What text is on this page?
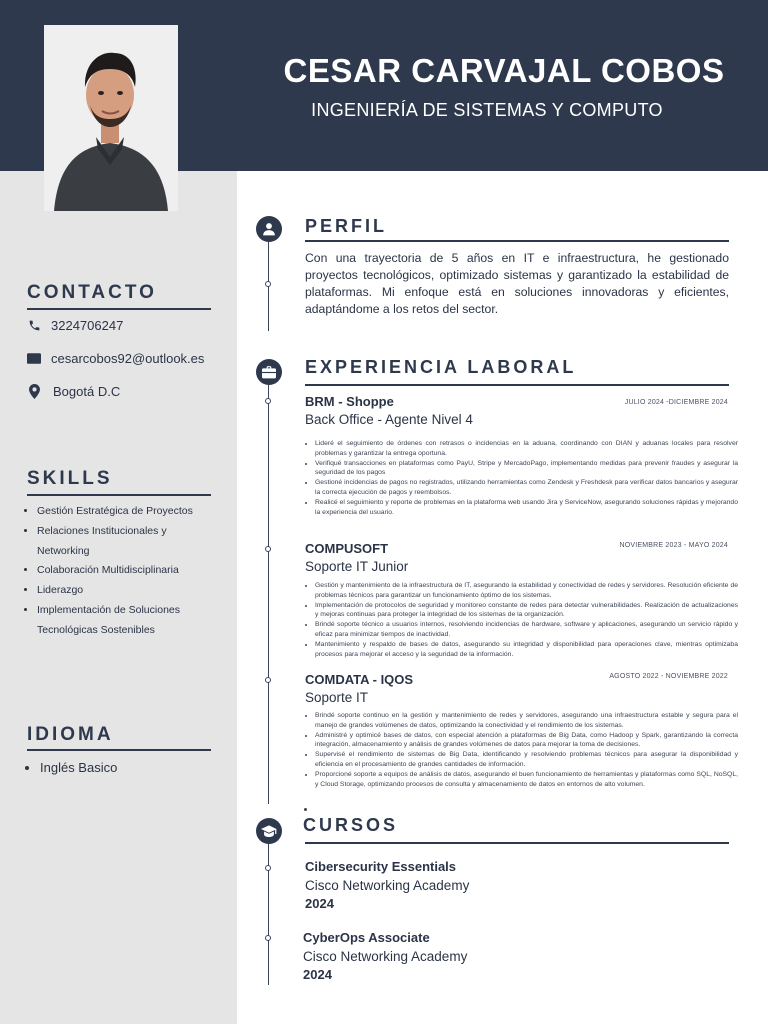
CESAR CARVAJAL COBOS
INGENIERÍA DE SISTEMAS Y COMPUTO
CONTACTO
3224706247
cesarcobos92@outlook.es
Bogotá D.C
SKILLS
• Gestión Estratégica de Proyectos
• Relaciones Institucionales y Networking
• Colaboración Multidisciplinaria
• Liderazgo
• Implementación de Soluciones Tecnológicas Sostenibles
IDIOMA
• Inglés Basico
PERFIL
Con una trayectoria de 5 años en IT e infraestructura, he gestionado proyectos tecnológicos, optimizado sistemas y garantizado la estabilidad de plataformas. Mi enfoque está en soluciones innovadoras y eficientes, adaptándome a los retos del sector.
EXPERIENCIA LABORAL
BRM - Shoppe	JULIO 2024 -DICIEMBRE 2024
Back Office - Agente Nivel 4
• Lideré el seguimiento de órdenes con retrasos o incidencias en la aduana, coordinando con DIAN y aduanas locales para resolver problemas y garantizar la entrega oportuna.
• Verifiqué transacciones en plataformas como PayU, Stripe y MercadoPago, implementando medidas para prevenir fraudes y asegurar la seguridad de los pagos
• Gestioné incidencias de pagos no registrados, utilizando herramientas como Zendesk y Freshdesk para verificar datos bancarios y asegurar la correcta ejecución de pagos y reembolsos.
• Realicé el seguimiento y reporte de problemas en la plataforma web usando Jira y ServiceNow, asegurando soluciones rápidas y mejorando la experiencia del usuario.
COMPUSOFT	NOVIEMBRE 2023 - MAYO 2024
Soporte IT Junior
• Gestión y mantenimiento de la infraestructura de IT, asegurando la estabilidad y conectividad de redes y servidores. Resolución eficiente de problemas técnicos para garantizar un funcionamiento óptimo de los sistemas.
• Implementación de protocolos de seguridad y monitoreo constante de redes para detectar vulnerabilidades. Realización de actualizaciones y mejoras continuas para proteger la integridad de los sistemas de la organización.
• Brindé soporte técnico a usuarios internos, resolviendo incidencias de hardware, software y aplicaciones, asegurando un servicio rápido y eficaz para minimizar tiempos de inactividad.
• Mantenimiento y respaldo de bases de datos, asegurando su integridad y disponibilidad para operaciones clave, mientras optimizaba procesos para mejorar el acceso y la seguridad de la información.
COMDATA - IQOS	AGOSTO 2022 - NOVIEMBRE 2022
Soporte IT
• Brindé soporte continuo en la gestión y mantenimiento de redes y servidores, asegurando una infraestructura estable y segura para el manejo de grandes volúmenes de datos, optimizando la conectividad y el rendimiento de los sistemas.
• Administré y optimicé bases de datos, con especial atención a plataformas de Big Data, como Hadoop y Spark, garantizando la correcta integración, almacenamiento y análisis de grandes volúmenes de datos para mejorar la toma de decisiones.
• Supervisé el rendimiento de sistemas de Big Data, identificando y resolviendo problemas técnicos para asegurar la disponibilidad y eficiencia en el procesamiento de grandes cantidades de información.
• Proporcioné soporte a equipos de análisis de datos, asegurando el buen funcionamiento de herramientas y plataformas como SQL, NoSQL, y Cloud Storage, optimizando procesos de consulta y almacenamiento de datos en entornos de alto volumen.
CURSOS
Cibersecurity Essentials
Cisco Networking Academy
2024
CyberOps Associate
Cisco Networking Academy
2024
